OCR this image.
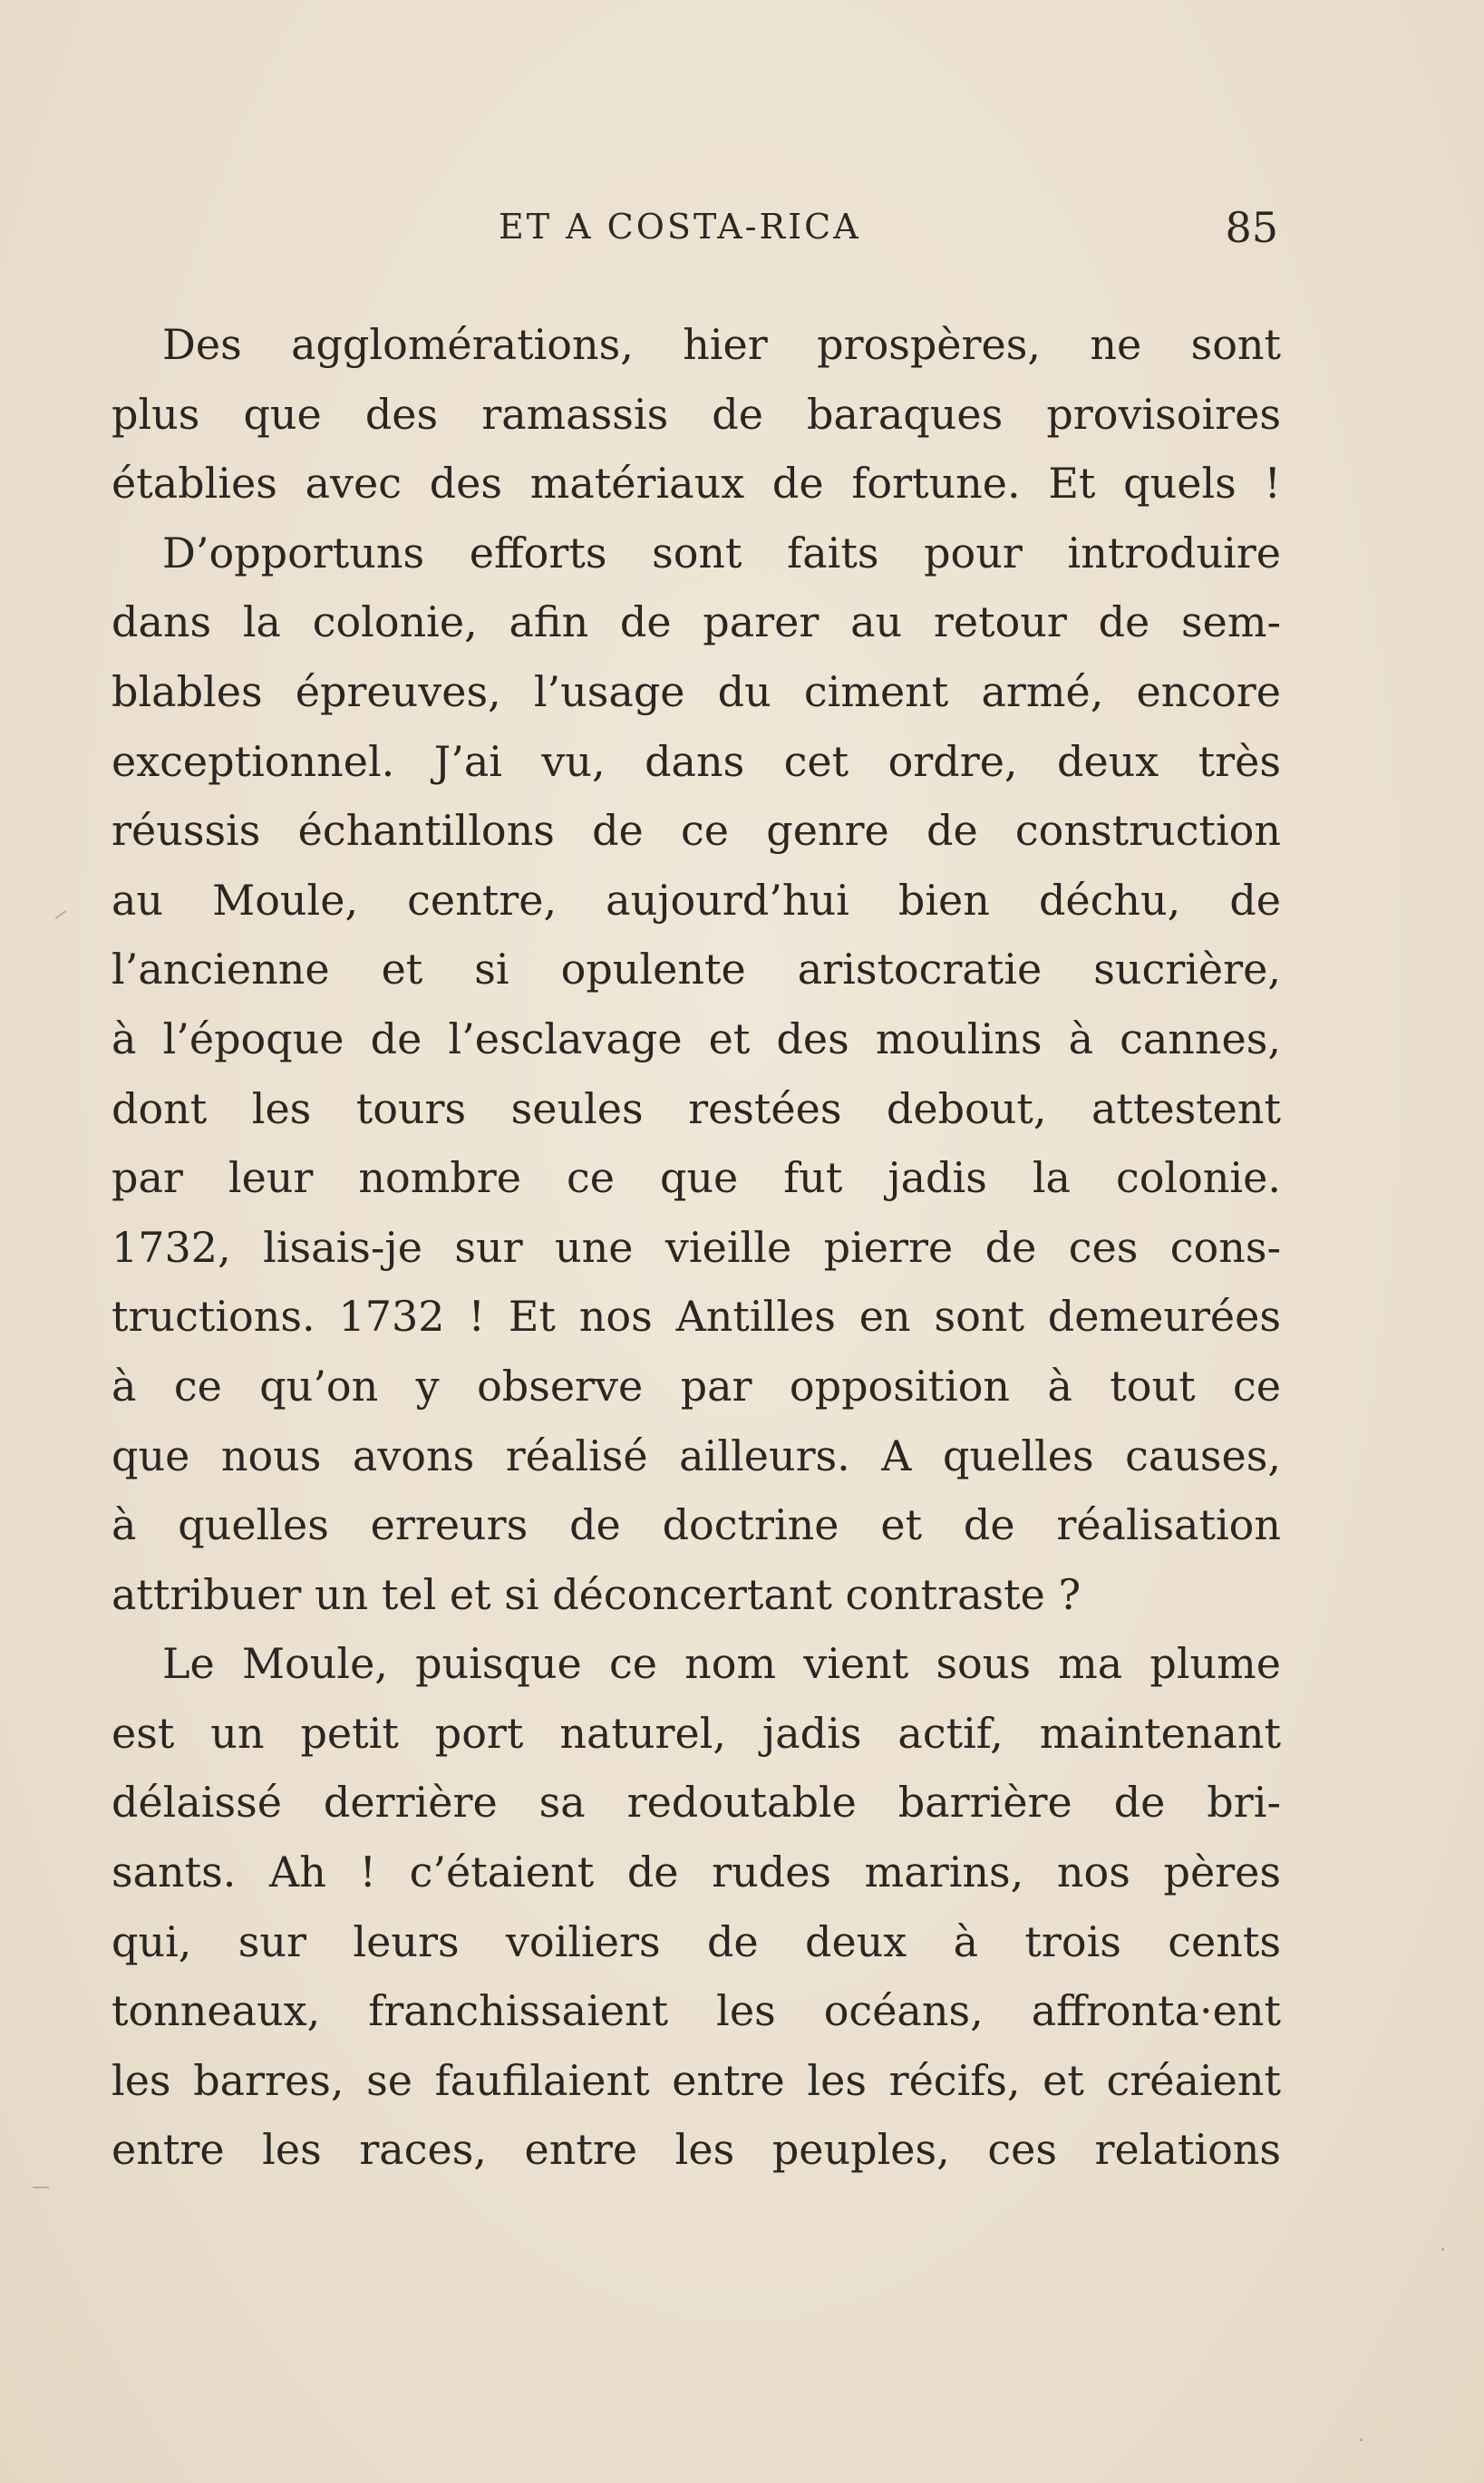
ET A COSTA-RICA	85
Des agglomérations, hier prospères, ne sont
plus que des ramassis de baraques provisoires
établies avec des matériaux de fortune. Et quels !
D’opportuns efforts sont faits pour introduire
dans la colonie, afin de parer au retour de sem-
blables épreuves, l’usage du ciment armé, encore
exceptionnel. J’ai vu, dans cet ordre, deux très
réussis échantillons de ce genre de construction
au Moule, centre, aujourd’hui bien déchu, de
l’ancienne et si opulente aristocratie sucrière,
à l’époque de l’esclavage et des moulins à cannes,
dont les tours seules restées debout, attestent
par leur nombre ce que fut jadis la colonie.
1732, lisais-je sur une vieille pierre de ces cons-
tructions. 1732 ! Et nos Antilles en sont demeurées
à ce qu’on y observe par opposition à tout ce
que nous avons réalisé ailleurs. A quelles causes,
à quelles erreurs de doctrine et de réalisation
attribuer un tel et si déconcertant contraste ?
Le Moule, puisque ce nom vient sous ma plume
est un petit port naturel, jadis actif, maintenant
délaissé derrière sa redoutable barrière de bri-
sants. Ah ! c’étaient de rudes marins, nos pères
qui, sur leurs voiliers de deux à trois cents
tonneaux, franchissaient les océans, affronta·ent
les barres, se faufilaient entre les récifs, et créaient
entre les races, entre les peuples, ces relations
